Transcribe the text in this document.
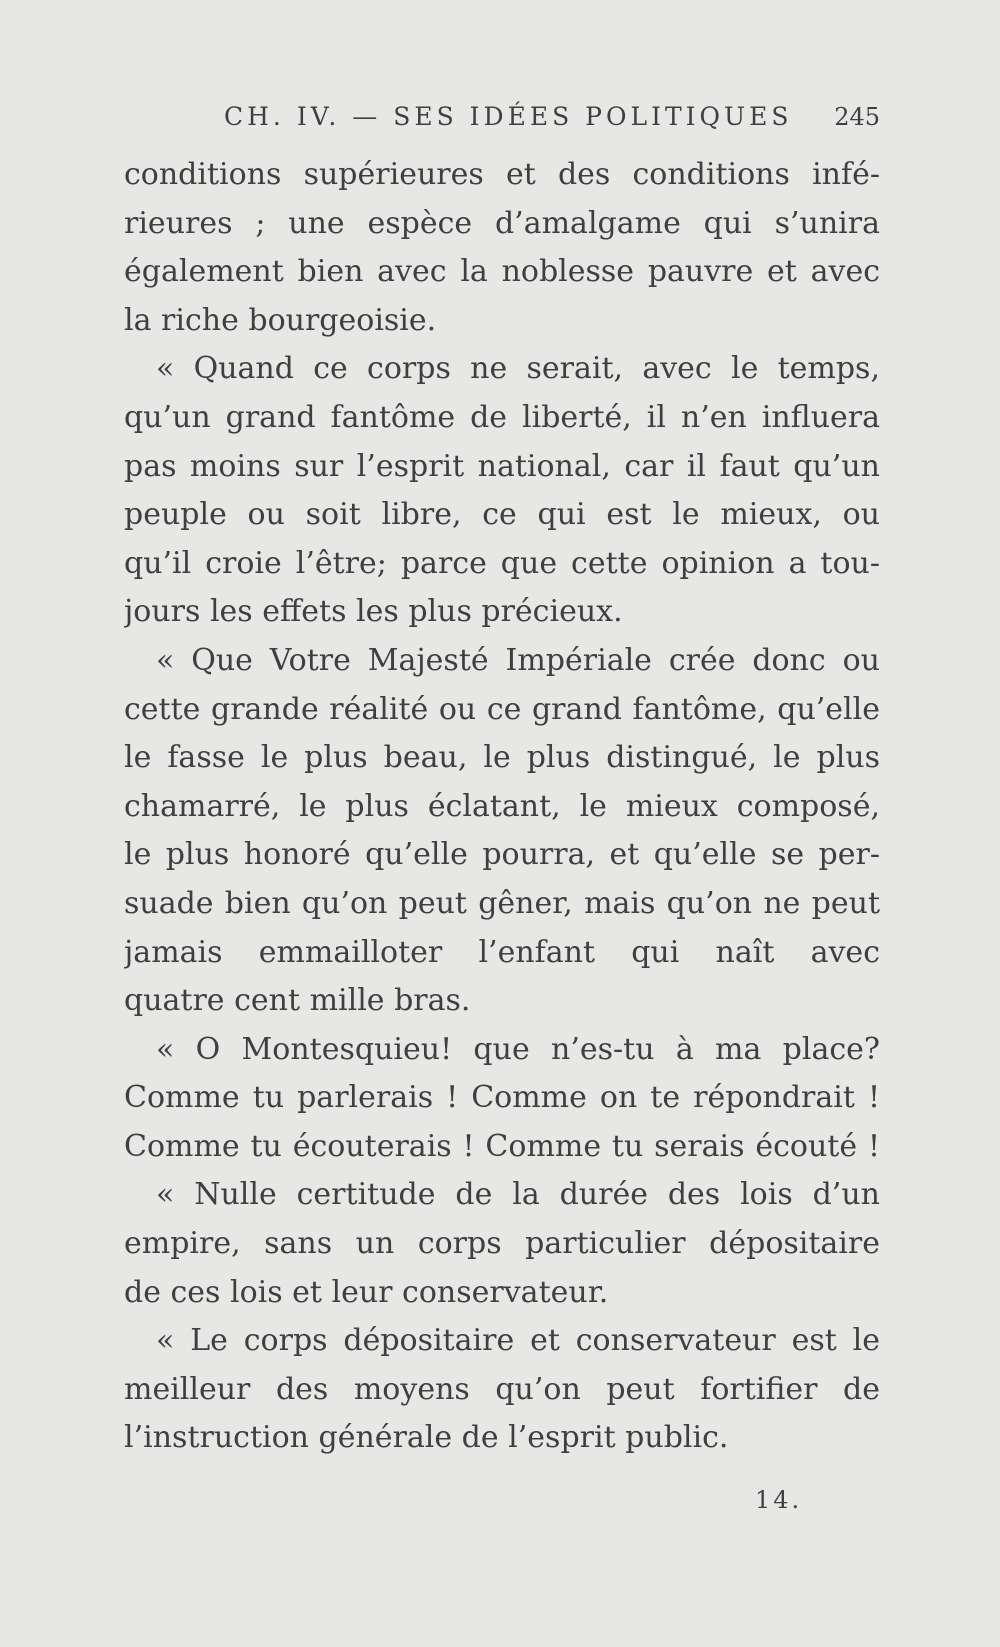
CH. IV. — SES IDÉES POLITIQUES 245

conditions supérieures et des conditions infé-

rieures ; une espèce d’amalgame qui s’unira

également bien avec la noblesse pauvre et avec

la riche bourgeoisie.

« Quand ce corps ne serait, avec le temps,

qu’un grand fantôme de liberté, il n’en influera

pas moins sur l’esprit national, car il faut qu’un

peuple ou soit libre, ce qui est le mieux, ou

qu’il croie l’être; parce que cette opinion a tou-

jours les effets les plus précieux.

« Que Votre Majesté Impériale crée donc ou

cette grande réalité ou ce grand fantôme, qu’elle

le fasse le plus beau, le plus distingué, le plus

chamarré, le plus éclatant, le mieux composé,

le plus honoré qu’elle pourra, et qu’elle se per-

suade bien qu’on peut gêner, mais qu’on ne peut

jamais emmailloter l’enfant qui naît avec

quatre cent mille bras.

« O Montesquieu! que n’es-tu à ma place?

Comme tu parlerais ! Comme on te répondrait !

Comme tu écouterais ! Comme tu serais écouté !

« Nulle certitude de la durée des lois d’un

empire, sans un corps particulier dépositaire

de ces lois et leur conservateur.

« Le corps dépositaire et conservateur est le

meilleur des moyens qu’on peut fortifier de

l’instruction générale de l’esprit public.

14.
